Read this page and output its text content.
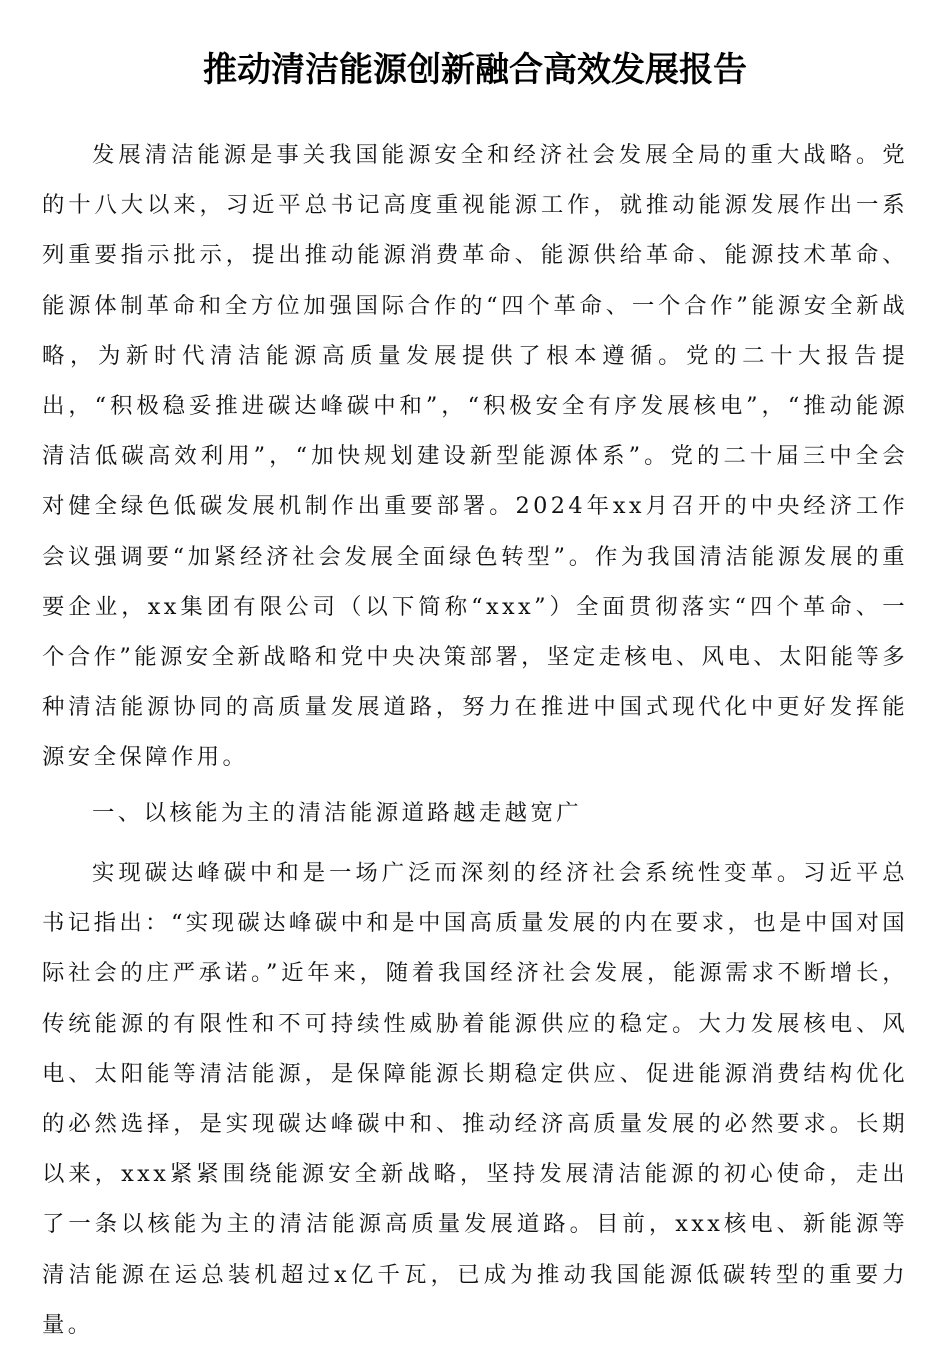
推动清洁能源创新融合高效发展报告

发展清洁能源是事关我国能源安全和经济社会发展全局的重大战略。党的十八大以来，习近平总书记高度重视能源工作，就推动能源发展作出一系列重要指示批示，提出推动能源消费革命、能源供给革命、能源技术革命、能源体制革命和全方位加强国际合作的“四个革命、一个合作”能源安全新战略，为新时代清洁能源高质量发展提供了根本遵循。党的二十大报告提出，“积极稳妥推进碳达峰碳中和”，“积极安全有序发展核电”，“推动能源清洁低碳高效利用”，“加快规划建设新型能源体系”。党的二十届三中全会对健全绿色低碳发展机制作出重要部署。2024年xx月召开的中央经济工作会议强调要“加紧经济社会发展全面绿色转型”。作为我国清洁能源发展的重要企业，xx集团有限公司（以下简称“xxx”）全面贯彻落实“四个革命、一个合作”能源安全新战略和党中央决策部署，坚定走核电、风电、太阳能等多种清洁能源协同的高质量发展道路，努力在推进中国式现代化中更好发挥能源安全保障作用。

一、以核能为主的清洁能源道路越走越宽广

实现碳达峰碳中和是一场广泛而深刻的经济社会系统性变革。习近平总书记指出：“实现碳达峰碳中和是中国高质量发展的内在要求，也是中国对国际社会的庄严承诺。”近年来，随着我国经济社会发展，能源需求不断增长，传统能源的有限性和不可持续性威胁着能源供应的稳定。大力发展核电、风电、太阳能等清洁能源，是保障能源长期稳定供应、促进能源消费结构优化的必然选择，是实现碳达峰碳中和、推动经济高质量发展的必然要求。长期以来，xxx紧紧围绕能源安全新战略，坚持发展清洁能源的初心使命，走出了一条以核能为主的清洁能源高质量发展道路。目前，xxx核电、新能源等清洁能源在运总装机超过x亿千瓦，已成为推动我国能源低碳转型的重要力量。
